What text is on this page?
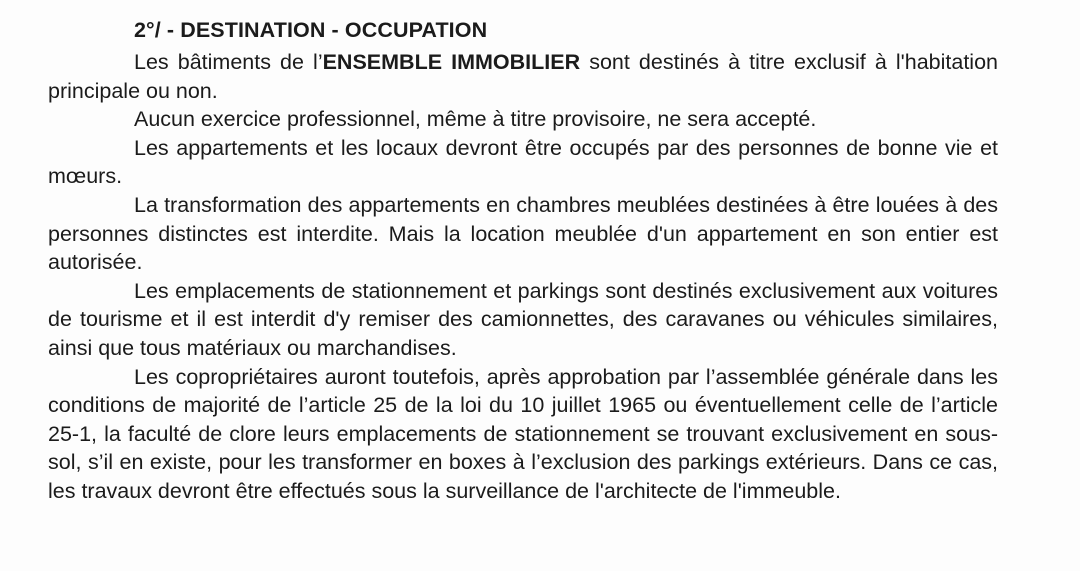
2°/ - DESTINATION - OCCUPATION

Les bâtiments de l’ENSEMBLE IMMOBILIER sont destinés à titre exclusif à l'habitation principale ou non.

Aucun exercice professionnel, même à titre provisoire, ne sera accepté.

Les appartements et les locaux devront être occupés par des personnes de bonne vie et mœurs.

La transformation des appartements en chambres meublées destinées à être louées à des personnes distinctes est interdite. Mais la location meublée d'un appartement en son entier est autorisée.

Les emplacements de stationnement et parkings sont destinés exclusivement aux voitures de tourisme et il est interdit d'y remiser des camionnettes, des caravanes ou véhicules similaires, ainsi que tous matériaux ou marchandises.

Les copropriétaires auront toutefois, après approbation par l’assemblée générale dans les conditions de majorité de l’article 25 de la loi du 10 juillet 1965 ou éventuellement celle de l’article 25-1, la faculté de clore leurs emplacements de stationnement se trouvant exclusivement en sous-sol, s’il en existe, pour les transformer en boxes à l’exclusion des parkings extérieurs. Dans ce cas, les travaux devront être effectués sous la surveillance de l'architecte de l'immeuble.
